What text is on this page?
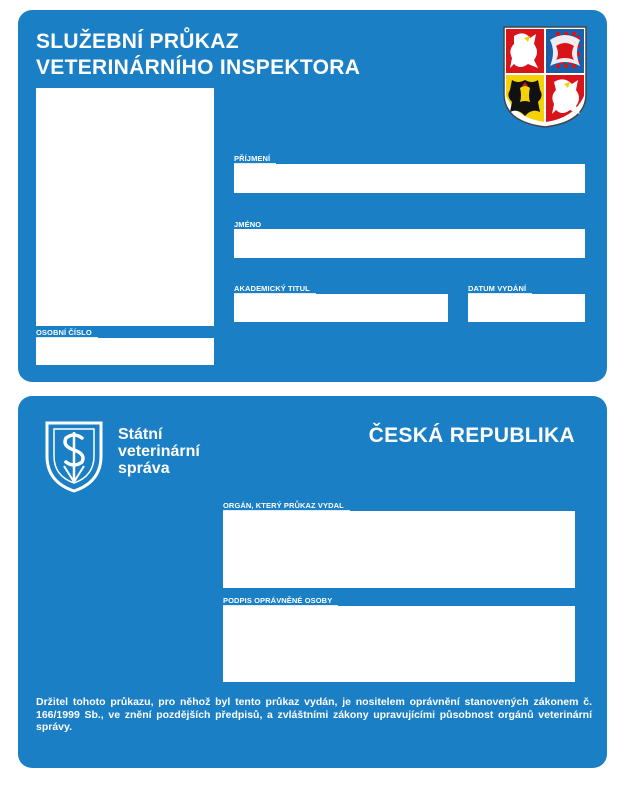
SLUŽEBNÍ PRŮKAZ
VETERINÁRNÍHO INSPEKTORA
PŘÍJMENÍ
JMÉNO
AKADEMICKÝ TITUL	DATUM VYDÁNÍ
OSOBNÍ ČÍSLO
Státní
veterinární
správa
ČESKÁ REPUBLIKA
ORGÁN, KTERÝ PRŮKAZ VYDAL
PODPIS OPRÁVNĚNÉ OSOBY
Držitel tohoto průkazu, pro něhož byl tento průkaz vydán, je nositelem oprávnění stanovených zákonem č. 166/1999 Sb., ve znění pozdějších předpisů, a zvláštními zákony upravujícími působnost orgánů veterinární správy.
